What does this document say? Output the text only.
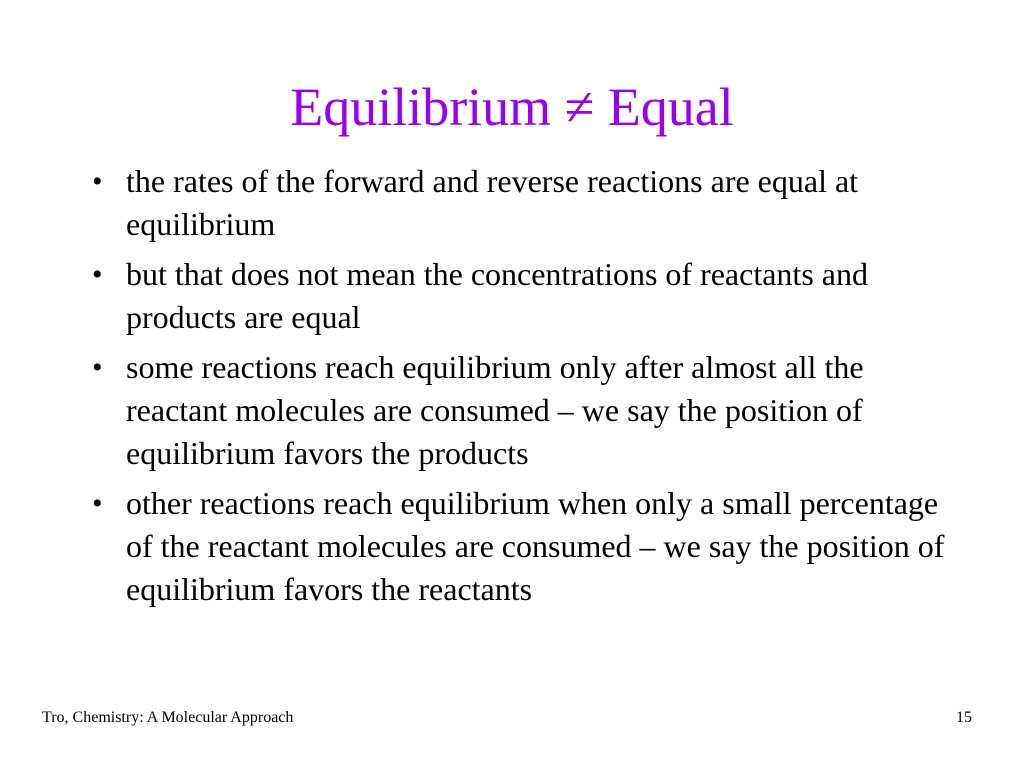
Equilibrium ≠ Equal
• the rates of the forward and reverse reactions are equal at equilibrium
• but that does not mean the concentrations of reactants and products are equal
• some reactions reach equilibrium only after almost all the reactant molecules are consumed – we say the position of equilibrium favors the products
• other reactions reach equilibrium when only a small percentage of the reactant molecules are consumed – we say the position of equilibrium favors the reactants
Tro, Chemistry: A Molecular Approach	15
